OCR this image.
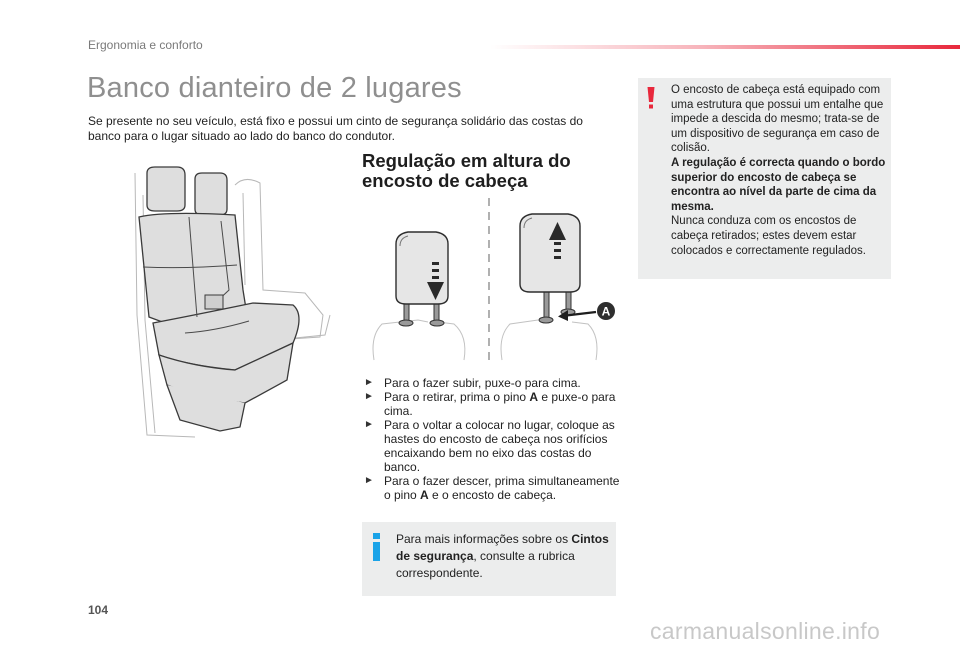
Ergonomia e conforto
Banco dianteiro de 2 lugares

Se presente no seu veículo, está fixo e possui um cinto de segurança solidário das costas do banco para o lugar situado ao lado do banco do condutor.

Regulação em altura do encosto de cabeça
A
► Para o fazer subir, puxe-o para cima.
► Para o retirar, prima o pino A e puxe-o para cima.
► Para o voltar a colocar no lugar, coloque as hastes do encosto de cabeça nos orifícios encaixando bem no eixo das costas do banco.
► Para o fazer descer, prima simultaneamente o pino A e o encosto de cabeça.

Para mais informações sobre os Cintos de segurança, consulte a rubrica correspondente.

O encosto de cabeça está equipado com uma estrutura que possui um entalhe que impede a descida do mesmo; trata-se de um dispositivo de segurança em caso de colisão.
A regulação é correcta quando o bordo superior do encosto de cabeça se encontra ao nível da parte de cima da mesma.
Nunca conduza com os encostos de cabeça retirados; estes devem estar colocados e correctamente regulados.

104
carmanualsonline.info
